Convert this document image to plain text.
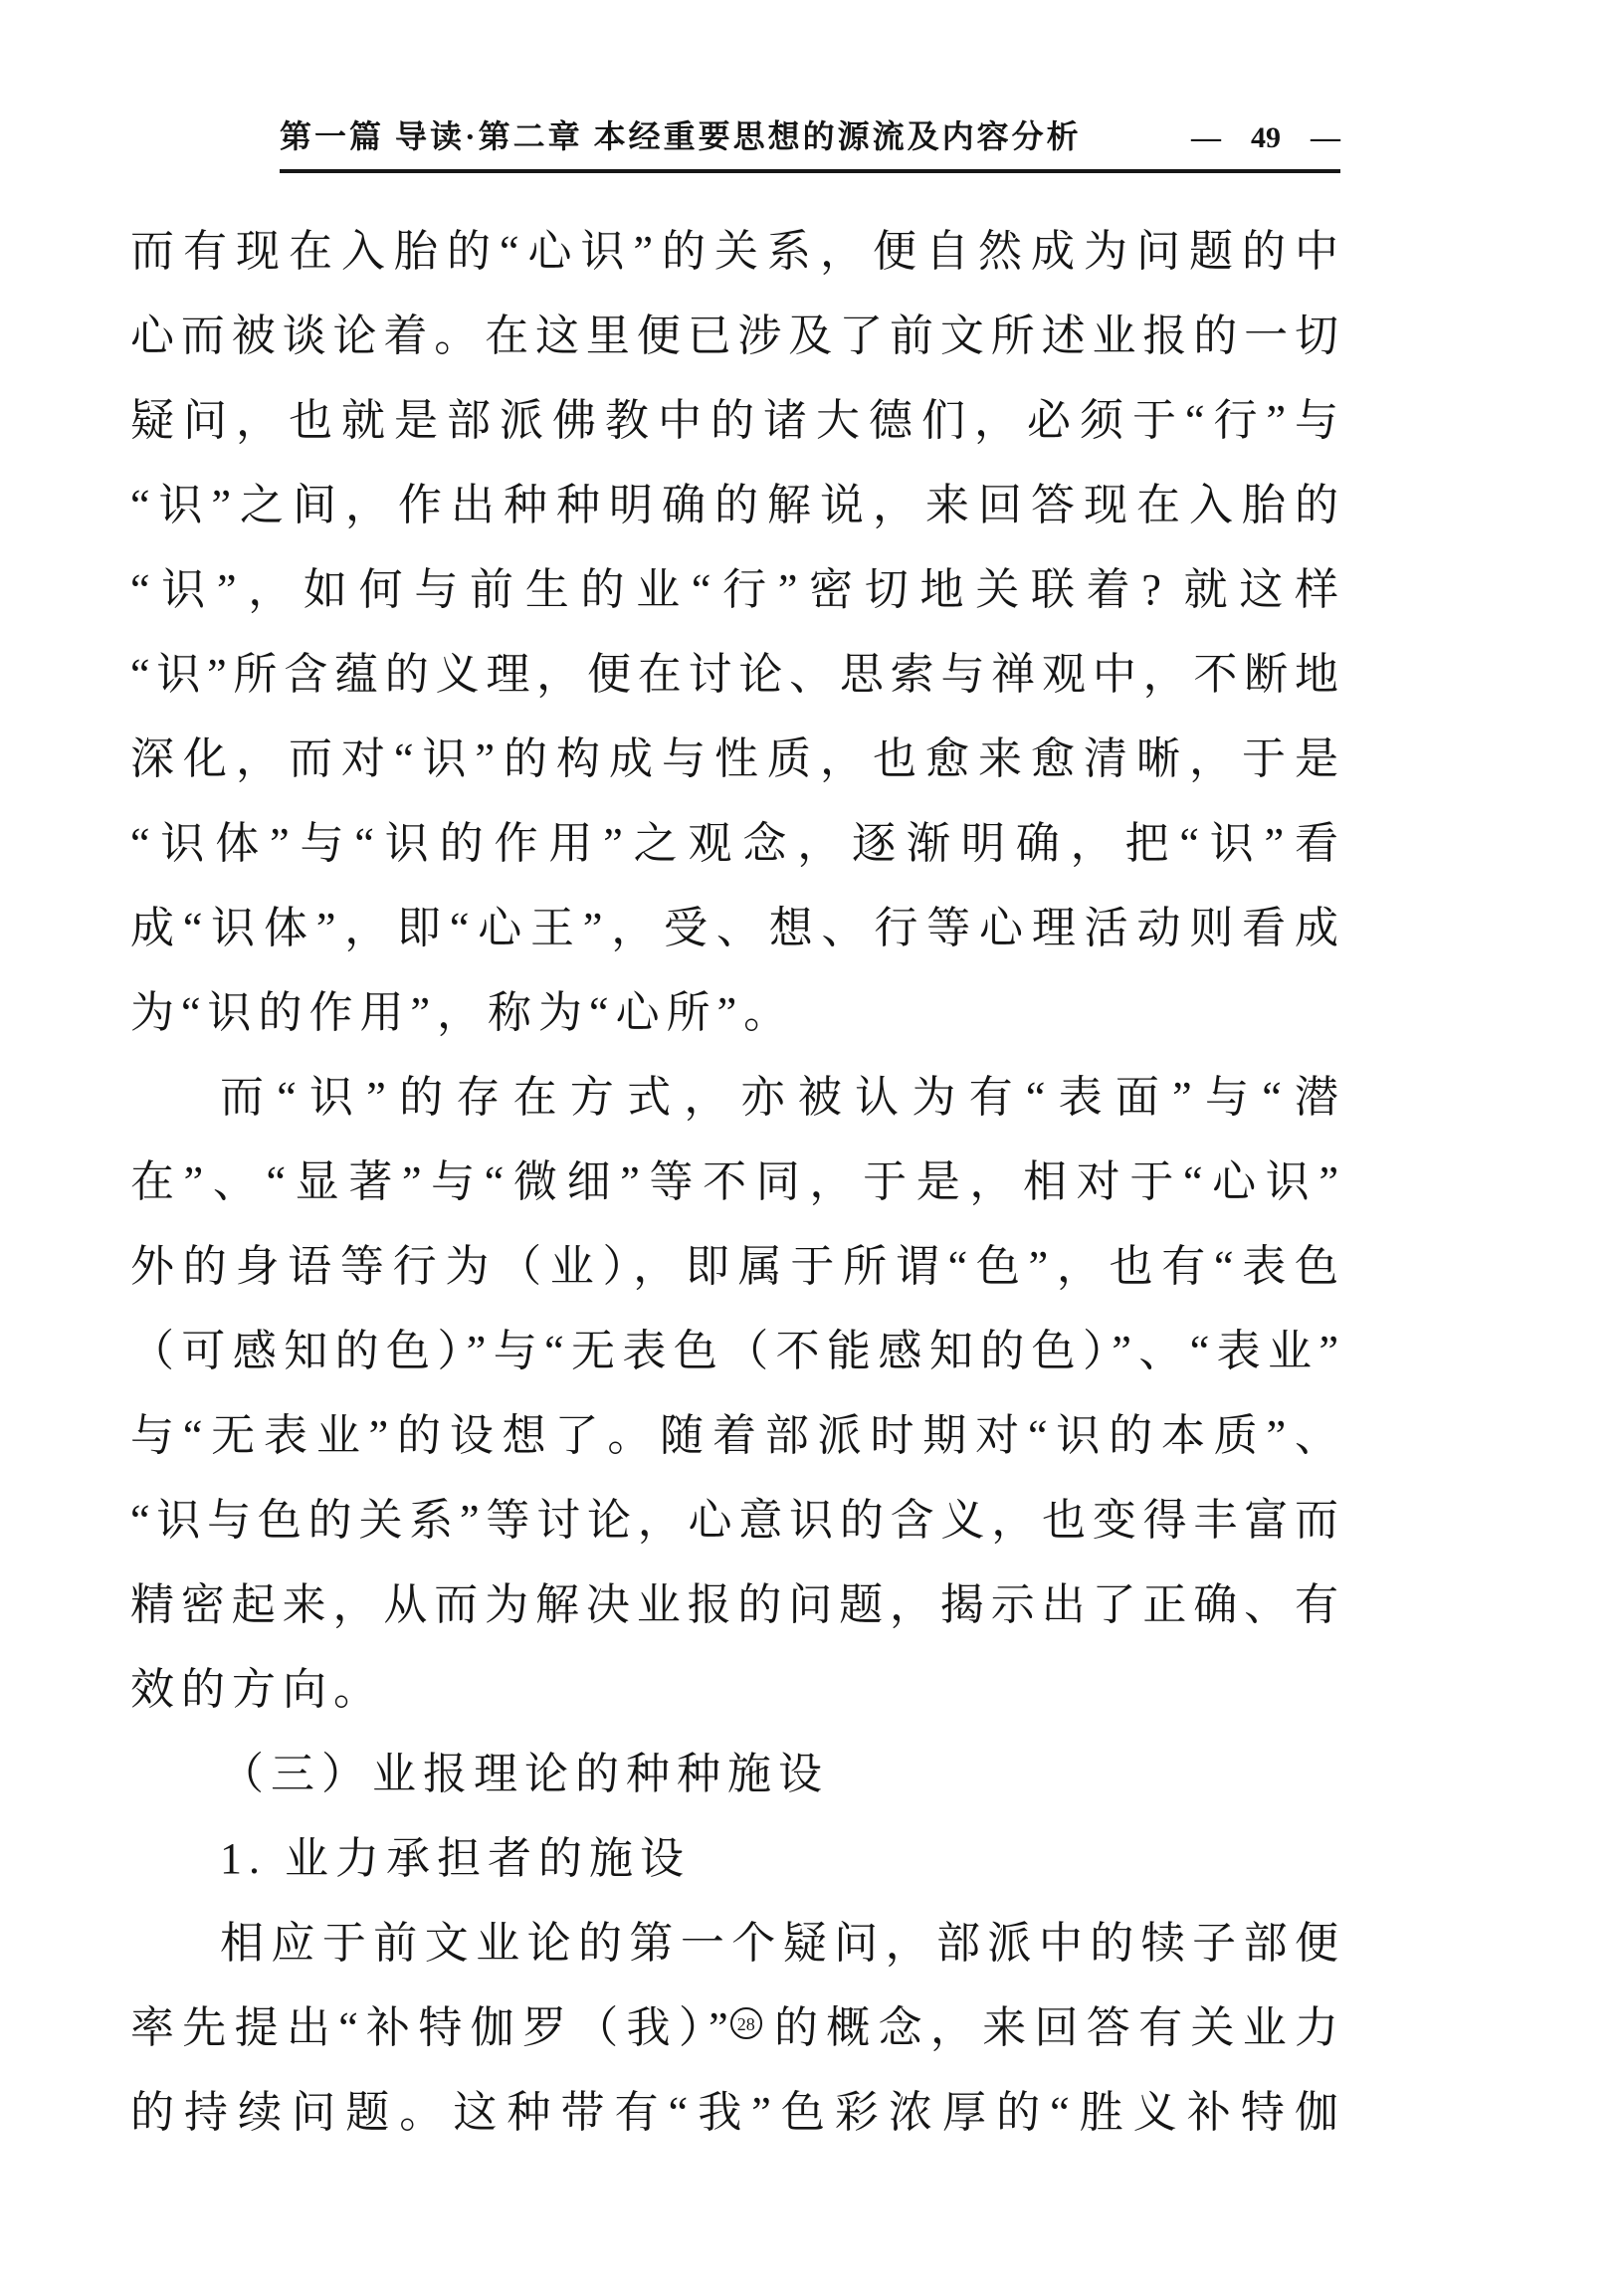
第一篇 导读·第二章 本经重要思想的源流及内容分析	— 49 —
而有现在入胎的“心识”的关系，便自然成为问题的中
心而被谈论着。在这里便已涉及了前文所述业报的一切
疑问，也就是部派佛教中的诸大德们，必须于“行”与
“识”之间，作出种种明确的解说，来回答现在入胎的
“识”，如何与前生的业“行”密切地关联着? 就这样
“识”所含蕴的义理，便在讨论、思索与禅观中，不断地
深化，而对“识”的构成与性质，也愈来愈清晰，于是
“识体”与“识的作用”之观念，逐渐明确，把“识”看
成“识体”，即“心王”，受、想、行等心理活动则看成
为“识的作用”，称为“心所”。
而“识”的存在方式，亦被认为有“表面”与“潜
在”、“显著”与“微细”等不同，于是，相对于“心识”
外的身语等行为（业），即属于所谓“色”，也有“表色
（可感知的色）”与“无表色（不能感知的色）”、“表业”
与“无表业”的设想了。随着部派时期对“识的本质”、
“识与色的关系”等讨论，心意识的含义，也变得丰富而
精密起来，从而为解决业报的问题，揭示出了正确、有
效的方向。
（三）业报理论的种种施设
1. 业力承担者的施设
相应于前文业论的第一个疑问，部派中的犊子部便
率先提出“补特伽罗（我）” 28 的概念，来回答有关业力
的持续问题。这种带有“我”色彩浓厚的“胜义补特伽
